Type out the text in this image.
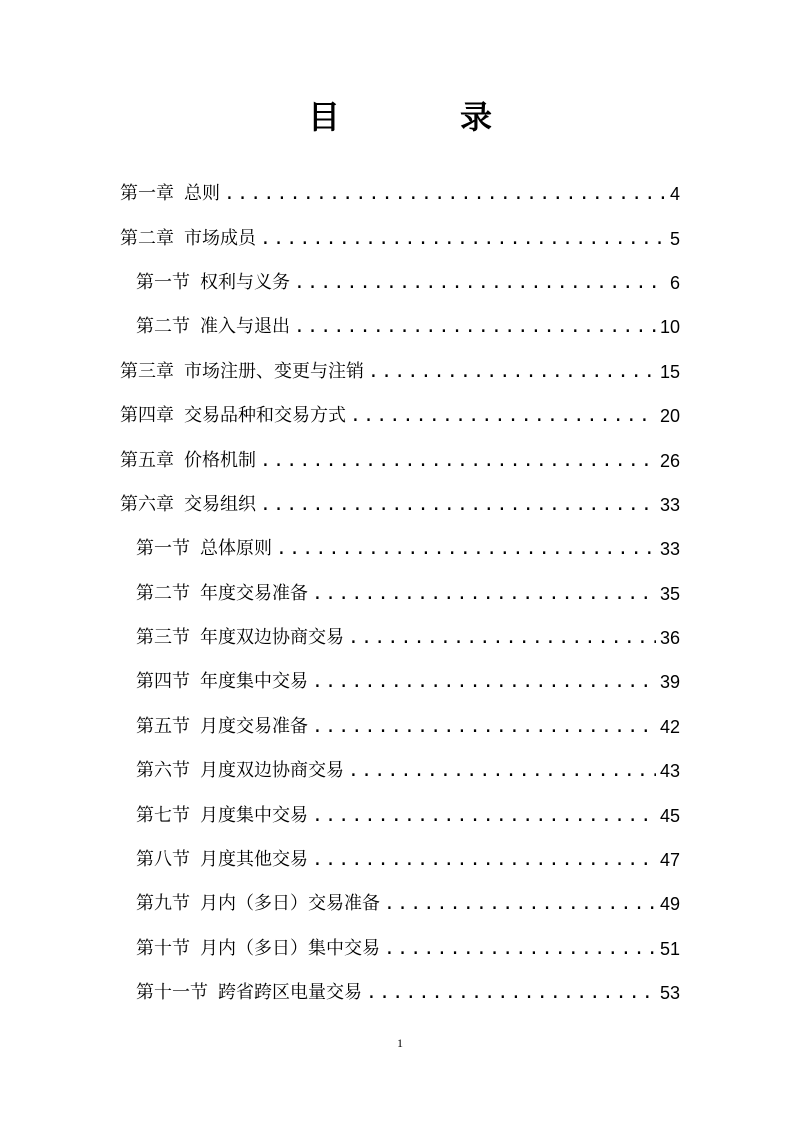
目　录
第一章 总则 .....	4
第二章 市场成员 .....	5
第一节 权利与义务 .....	6
第二节 准入与退出 .....	10
第三章 市场注册、变更与注销 .....	15
第四章 交易品种和交易方式 .....	20
第五章 价格机制 .....	26
第六章 交易组织 .....	33
第一节 总体原则 .....	33
第二节 年度交易准备 .....	35
第三节 年度双边协商交易 .....	36
第四节 年度集中交易 .....	39
第五节 月度交易准备 .....	42
第六节 月度双边协商交易 .....	43
第七节 月度集中交易 .....	45
第八节 月度其他交易 .....	47
第九节 月内（多日）交易准备 .....	49
第十节 月内（多日）集中交易 .....	51
第十一节 跨省跨区电量交易 .....	53
1
